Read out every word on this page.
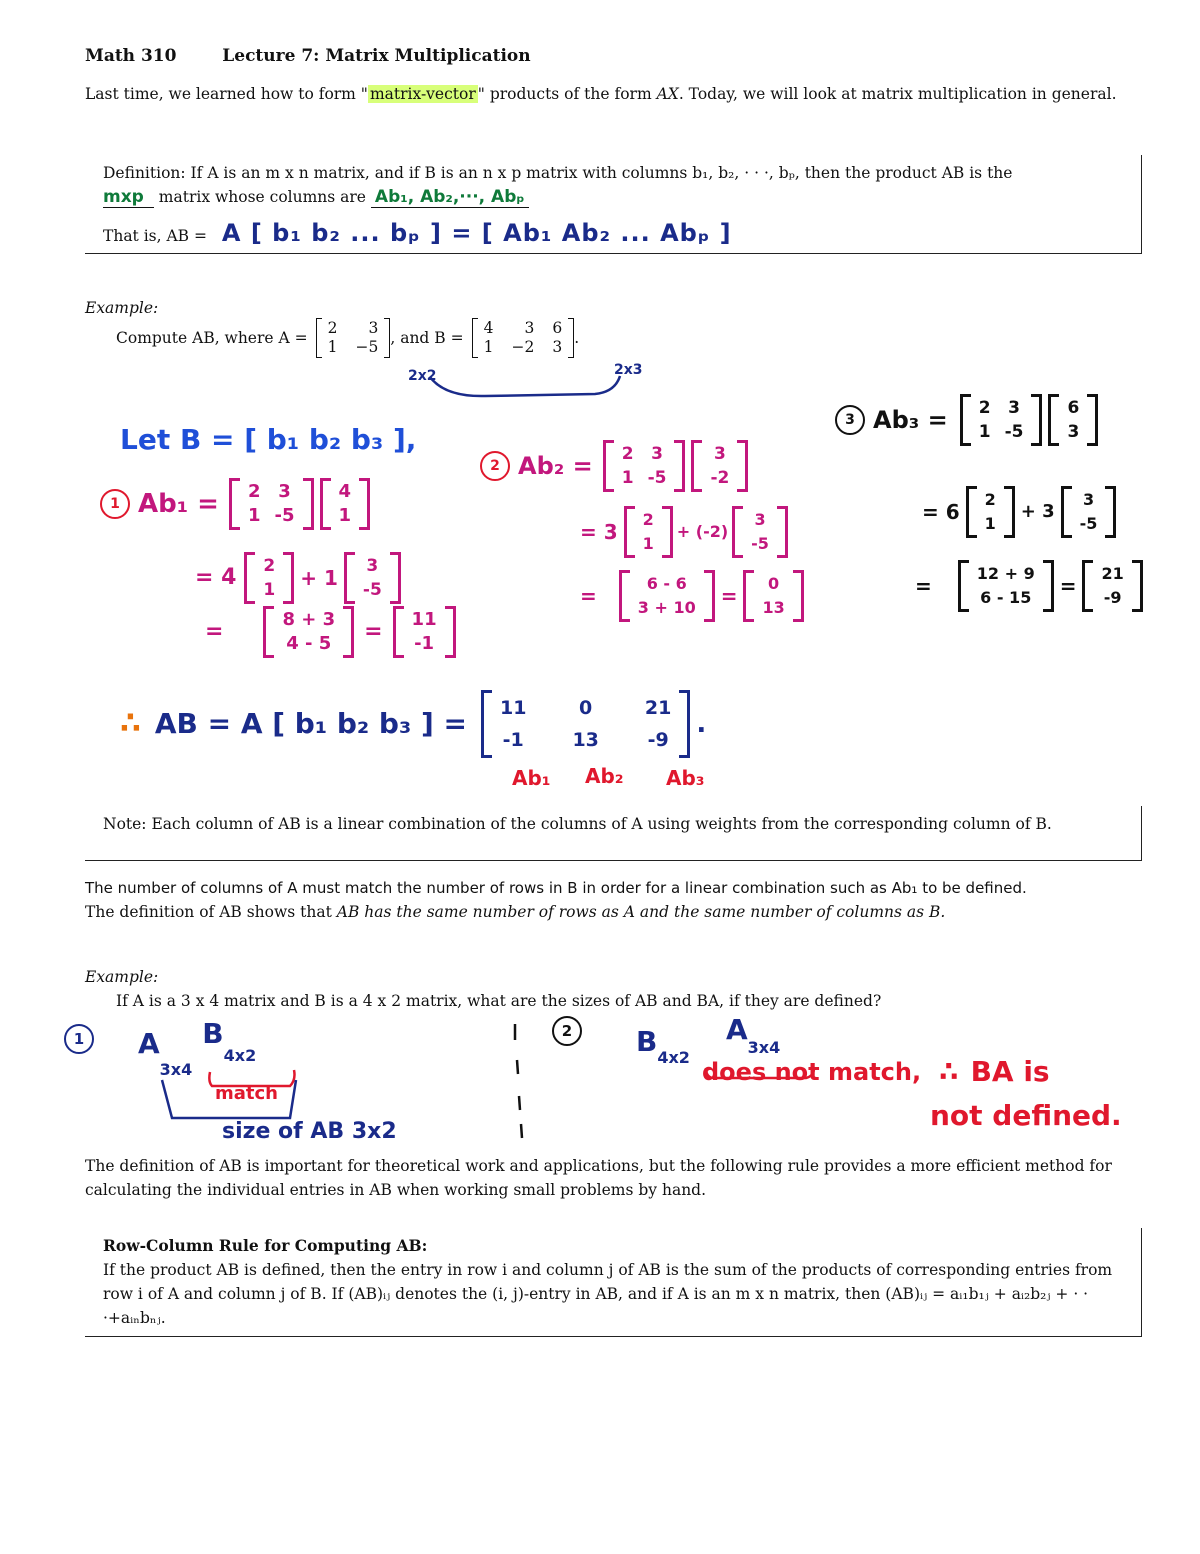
Math 310	Lecture 7: Matrix Multiplication
Last time, we learned how to form " matrix-vector " products of the form AX. Today, we will look at matrix multiplication in general.
Definition: If A is an m x n matrix, and if B is an n x p matrix with columns b₁, b₂, · · ·, bₚ, then the product AB is the
mxp matrix whose columns are Ab₁, Ab₂,···, Abₚ
That is, AB = A [ b₁ b₂ ... bₚ ] = [ Ab₁ Ab₂ ... Abₚ ]
Example:
Compute AB, where A =
2	3
1 −5 , and B =
4	3 6
1 −2 3 .
2x2	2x3
Let B = [ b₁ b₂ b₃ ],
1 Ab₁ = 2 3
1 -5
4
1
= 4 2
1 + 1 3
-5
=	8 + 3
4 - 5 = 11
-1
2 Ab₂ = 2 3
1 -5
3
-2
= 3
2
1
+ (-2)
3
-5
=
6 - 6
3 + 10 =
0
13
3 Ab₃ = 2 3
1 -5
6
3
= 6
2
1
+ 3
3
-5
=
12 + 9
6 - 15 =
21
-9
∴ AB = A [ b₁ b₂ b₃ ] = 11	0	21
-1	13	-9
.
Ab₁ Ab₂ Ab₃
Note: Each column of AB is a linear combination of the columns of A using weights from the corresponding column of B.
The number of columns of A must match the number of rows in B in order for a linear combination such as Ab₁ to be defined.
The definition of AB shows that AB has the same number of rows as A and the same number of columns as B.
Example:
If A is a 3 x 4 matrix and B is a 4 x 2 matrix, what are the sizes of AB and BA, if they are defined?
1	A
3x4
B
4x2
match
size of AB 3x2
2	B 4x2
A
3x4
does not match, ∴ BA is
not defined.
The definition of AB is important for theoretical work and applications, but the following rule provides a more efficient method for calculating the individual entries in AB when working small problems by hand.
Row-Column Rule for Computing AB:
If the product AB is defined, then the entry in row i and column j of AB is the sum of the products of corresponding entries from row i of A and column j of B. If (AB)ᵢⱼ denotes the (i, j)-entry in AB, and if A is an m x n matrix, then (AB)ᵢⱼ = aᵢ₁b₁ⱼ + aᵢ₂b₂ⱼ + · · ·+aᵢₙbₙⱼ.
